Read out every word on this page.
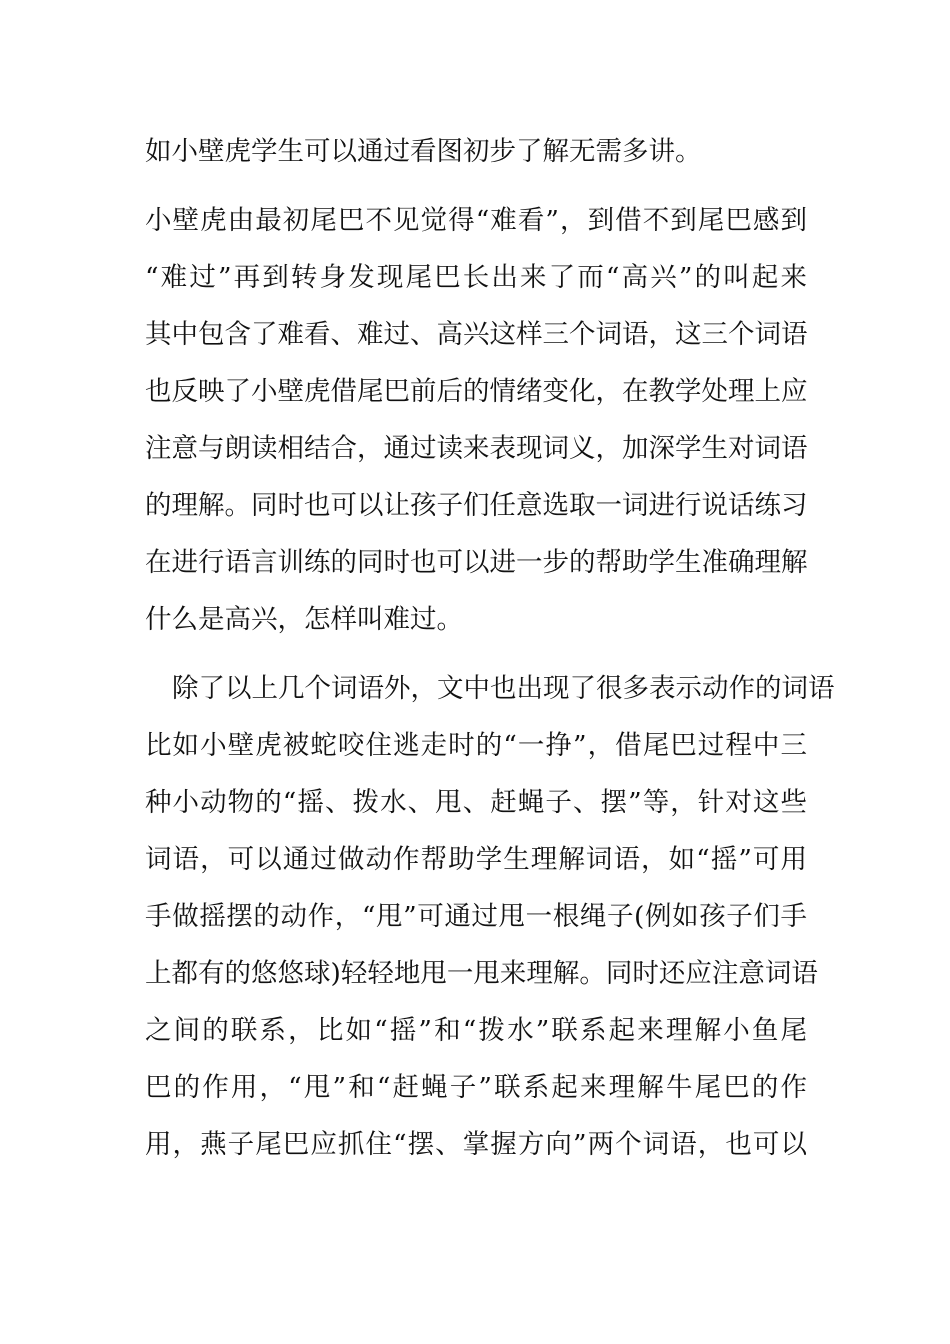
如小壁虎学生可以通过看图初步了解无需多讲。
小壁虎由最初尾巴不见觉得“难看”，到借不到尾巴感到
“难过”再到转身发现尾巴长出来了而“高兴”的叫起来
其中包含了难看、难过、高兴这样三个词语，这三个词语
也反映了小壁虎借尾巴前后的情绪变化，在教学处理上应
注意与朗读相结合，通过读来表现词义，加深学生对词语
的理解。同时也可以让孩子们任意选取一词进行说话练习
在进行语言训练的同时也可以进一步的帮助学生准确理解
什么是高兴，怎样叫难过。
除了以上几个词语外，文中也出现了很多表示动作的词语
比如小壁虎被蛇咬住逃走时的“一挣”，借尾巴过程中三
种小动物的“摇、拨水、甩、赶蝇子、摆”等，针对这些
词语，可以通过做动作帮助学生理解词语，如“摇”可用
手做摇摆的动作，“甩”可通过甩一根绳子(例如孩子们手
上都有的悠悠球)轻轻地甩一甩来理解。同时还应注意词语
之间的联系，比如“摇”和“拨水”联系起来理解小鱼尾
巴的作用，“甩”和“赶蝇子”联系起来理解牛尾巴的作
用，燕子尾巴应抓住“摆、掌握方向”两个词语，也可以
